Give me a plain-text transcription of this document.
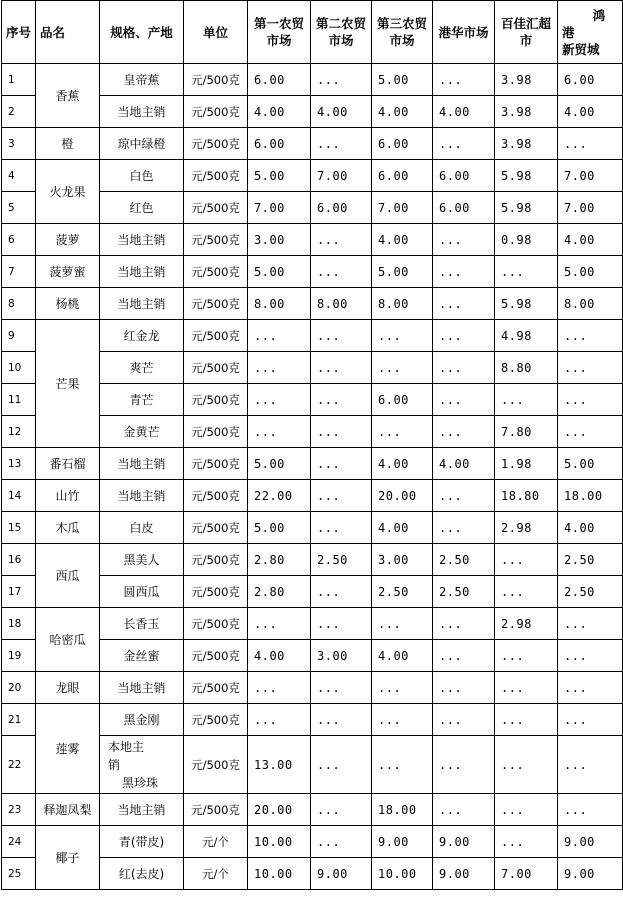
序号	品名	规格、产地	单位	第一农贸市场	第二农贸市场	第三农贸市场	港华市场	百佳汇超市	鸿
港
新贸城

1	香蕉	皇帝蕉	元/500克	6.00	...	5.00	...	3.98	6.00
2		当地主销	元/500克	4.00	4.00	4.00	4.00	3.98	4.00
3	橙	琼中绿橙	元/500克	6.00	...	6.00	...	3.98	...
4	火龙果	白色	元/500克	5.00	7.00	6.00	6.00	5.98	7.00
5		红色	元/500克	7.00	6.00	7.00	6.00	5.98	7.00
6	菠萝	当地主销	元/500克	3.00	...	4.00	...	0.98	4.00
7	菠萝蜜	当地主销	元/500克	5.00	...	5.00	...	...	5.00
8	杨桃	当地主销	元/500克	8.00	8.00	8.00	...	5.98	8.00
9	芒果	红金龙	元/500克	...	...	...	...	4.98	...
10		爽芒	元/500克	...	...	...	...	8.80	...
11		青芒	元/500克	...	...	6.00	...	...	...
12		金黄芒	元/500克	...	...	...	...	7.80	...
13	番石榴	当地主销	元/500克	5.00	...	4.00	4.00	1.98	5.00
14	山竹	当地主销	元/500克	22.00	...	20.00	...	18.80	18.00
15	木瓜	白皮	元/500克	5.00	...	4.00	...	2.98	4.00
16	西瓜	黑美人	元/500克	2.80	2.50	3.00	2.50	...	2.50
17		圆西瓜	元/500克	2.80	...	2.50	2.50	...	2.50
18	哈密瓜	长香玉	元/500克	...	...	...	...	2.98	...
19		金丝蜜	元/500克	4.00	3.00	4.00	...	...	...
20	龙眼	当地主销	元/500克	...	...	...	...	...	...
21	莲雾	黑金刚	元/500克	...	...	...	...	...	...
22		本地主
销
黑珍珠	元/500克	13.00	...	...	...	...	...
23	释迦凤梨	当地主销	元/500克	20.00	...	18.00	...	...	...
24	椰子	青(带皮)	元/个	10.00	...	9.00	9.00	...	9.00
25		红(去皮)	元/个	10.00	9.00	10.00	9.00	7.00	9.00
